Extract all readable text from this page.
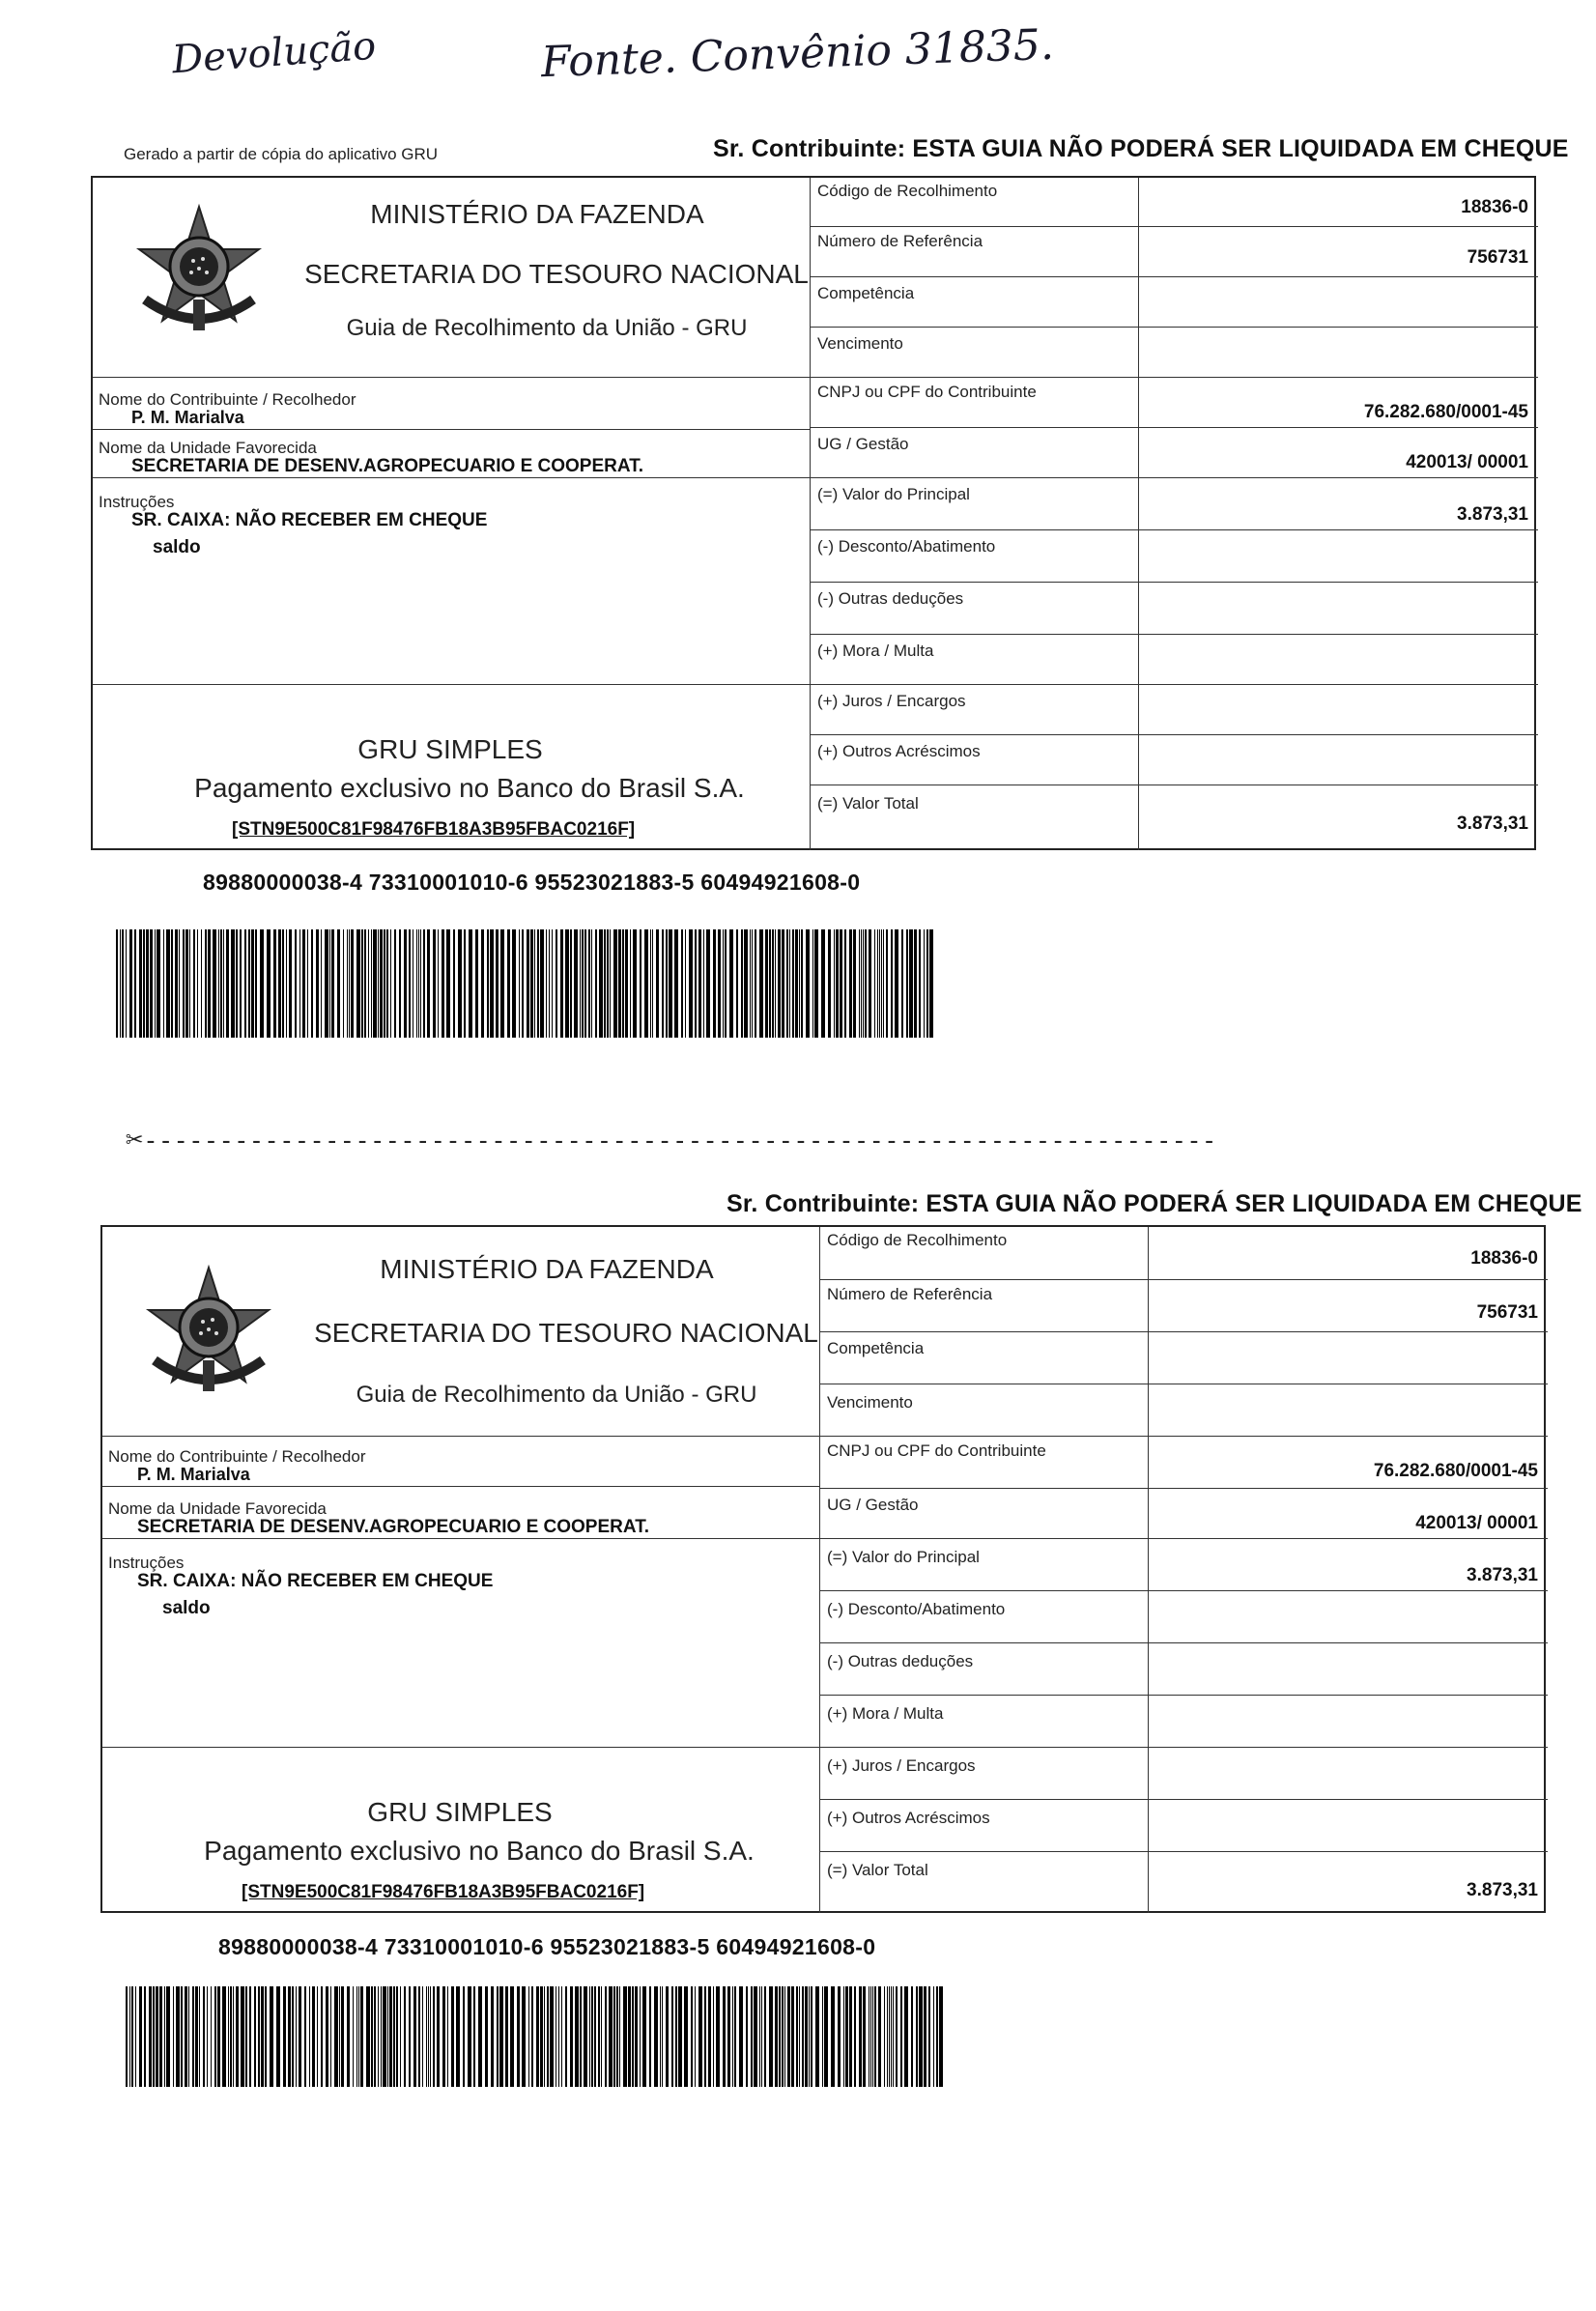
Devolução	Fonte. Convênio 31835.
Gerado a partir de cópia do aplicativo GRU	Sr. Contribuinte: ESTA GUIA NÃO PODERÁ SER LIQUIDADA EM CHEQUE
MINISTÉRIO DA FAZENDA
SECRETARIA DO TESOURO NACIONAL
Guia de Recolhimento da União - GRU
Código de Recolhimento
18836-0
Número de Referência
756731
Competência
Vencimento
Nome do Contribuinte / Recolhedor
P. M. Marialva
CNPJ ou CPF do Contribuinte
76.282.680/0001-45
Nome da Unidade Favorecida
SECRETARIA DE DESENV.AGROPECUARIO E COOPERAT.
UG / Gestão
420013/ 00001
Instruções
SR. CAIXA: NÃO RECEBER EM CHEQUE
saldo
(=) Valor do Principal
3.873,31
(-) Desconto/Abatimento
(-) Outras deduções
(+) Mora / Multa
(+) Juros / Encargos
(+) Outros Acréscimos
(=) Valor Total
3.873,31
GRU SIMPLES
Pagamento exclusivo no Banco do Brasil S.A.
[STN9E500C81F98476FB18A3B95FBAC0216F]
89880000038-4 73310001010-6 95523021883-5 60494921608-0
✂-----------------------------------------------------------------------
Sr. Contribuinte: ESTA GUIA NÃO PODERÁ SER LIQUIDADA EM CHEQUE
MINISTÉRIO DA FAZENDA
SECRETARIA DO TESOURO NACIONAL
Guia de Recolhimento da União - GRU
Código de Recolhimento
18836-0
Número de Referência
756731
Competência
Vencimento
Nome do Contribuinte / Recolhedor
P. M. Marialva
CNPJ ou CPF do Contribuinte
76.282.680/0001-45
Nome da Unidade Favorecida
SECRETARIA DE DESENV.AGROPECUARIO E COOPERAT.
UG / Gestão
420013/ 00001
Instruções
SR. CAIXA: NÃO RECEBER EM CHEQUE
saldo
(=) Valor do Principal
3.873,31
(-) Desconto/Abatimento
(-) Outras deduções
(+) Mora / Multa
(+) Juros / Encargos
(+) Outros Acréscimos
(=) Valor Total
3.873,31
GRU SIMPLES
Pagamento exclusivo no Banco do Brasil S.A.
[STN9E500C81F98476FB18A3B95FBAC0216F]
89880000038-4 73310001010-6 95523021883-5 60494921608-0
